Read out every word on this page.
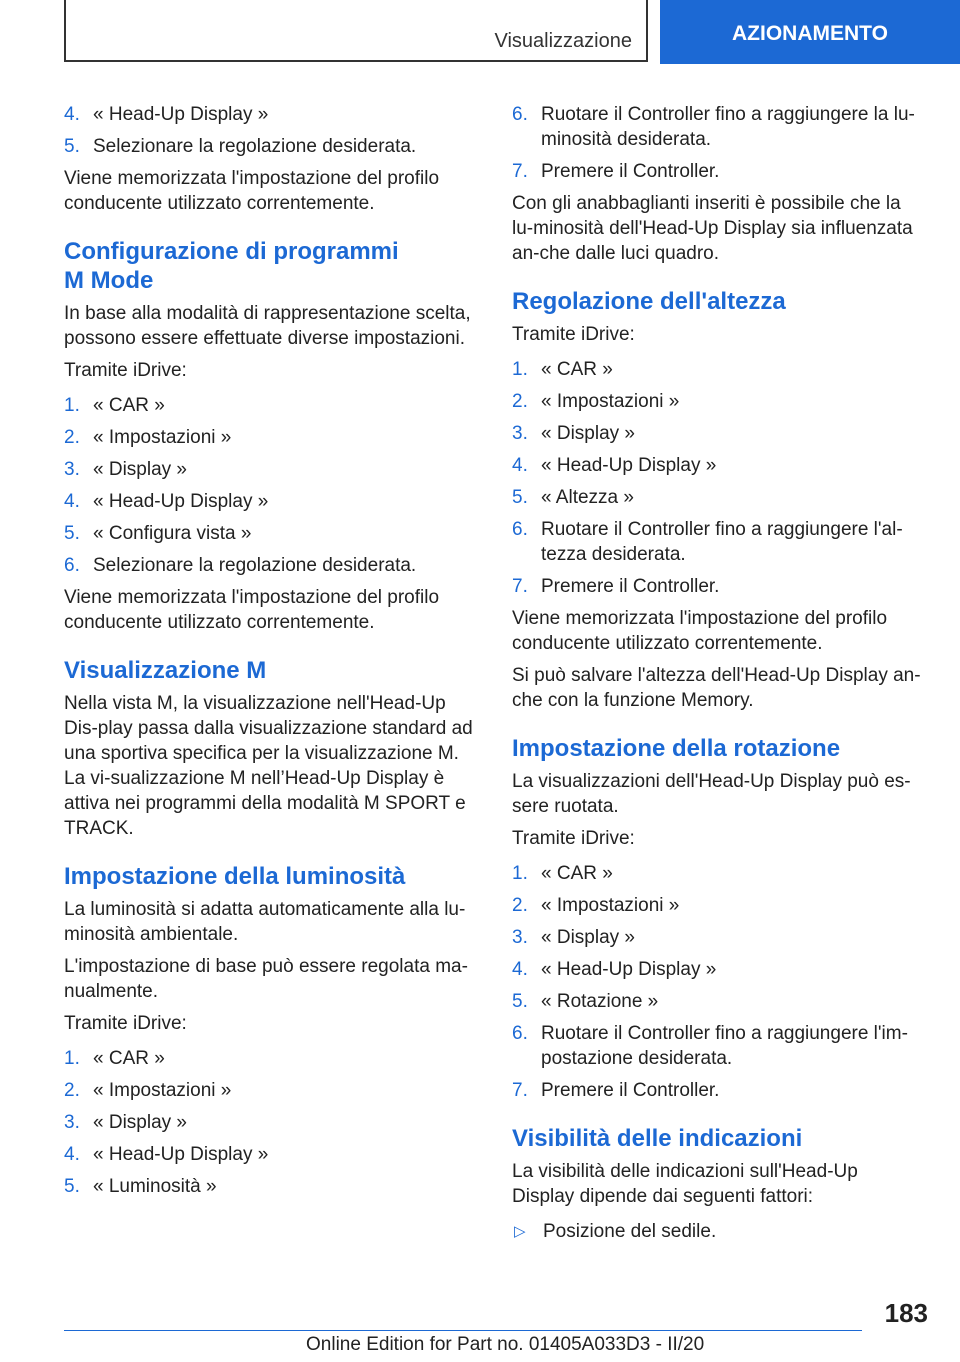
Visualizzazione	AZIONAMENTO
4. « Head-Up Display »
5. Selezionare la regolazione desiderata.

Viene memorizzata l'impostazione del profilo conducente utilizzato correntemente.

Configurazione di programmi
M Mode

In base alla modalità di rappresentazione scelta, possono essere effettuate diverse impostazioni.

Tramite iDrive:

1. « CAR »
2. « Impostazioni »
3. « Display »
4. « Head-Up Display »
5. « Configura vista »
6. Selezionare la regolazione desiderata.

Viene memorizzata l'impostazione del profilo conducente utilizzato correntemente.

Visualizzazione M

Nella vista M, la visualizzazione nell'Head-Up Dis-play passa dalla visualizzazione standard ad una sportiva specifica per la visualizzazione M. La vi-sualizzazione M nell’Head-Up Display è attiva nei programmi della modalità M SPORT e TRACK.

Impostazione della luminosità

La luminosità si adatta automaticamente alla lu-minosità ambientale.

L'impostazione di base può essere regolata ma-nualmente.

Tramite iDrive:

1. « CAR »
2. « Impostazioni »
3. « Display »
4. « Head-Up Display »
5. « Luminosità »
6. Ruotare il Controller fino a raggiungere la lu-minosità desiderata.
7. Premere il Controller.

Con gli anabbaglianti inseriti è possibile che la lu-minosità dell'Head-Up Display sia influenzata an-che dalle luci quadro.

Regolazione dell'altezza

Tramite iDrive:

1. « CAR »
2. « Impostazioni »
3. « Display »
4. « Head-Up Display »
5. « Altezza »
6. Ruotare il Controller fino a raggiungere l'al-tezza desiderata.
7. Premere il Controller.

Viene memorizzata l'impostazione del profilo conducente utilizzato correntemente.

Si può salvare l'altezza dell'Head-Up Display an-che con la funzione Memory.

Impostazione della rotazione

La visualizzazioni dell'Head-Up Display può es-sere ruotata.

Tramite iDrive:

1. « CAR »
2. « Impostazioni »
3. « Display »
4. « Head-Up Display »
5. « Rotazione »
6. Ruotare il Controller fino a raggiungere l'im-postazione desiderata.
7. Premere il Controller.
Visibilità delle indicazioni

La visibilità delle indicazioni sull'Head-Up Display dipende dai seguenti fattori:

▷ Posizione del sedile.
183
Online Edition for Part no. 01405A033D3 - II/20
